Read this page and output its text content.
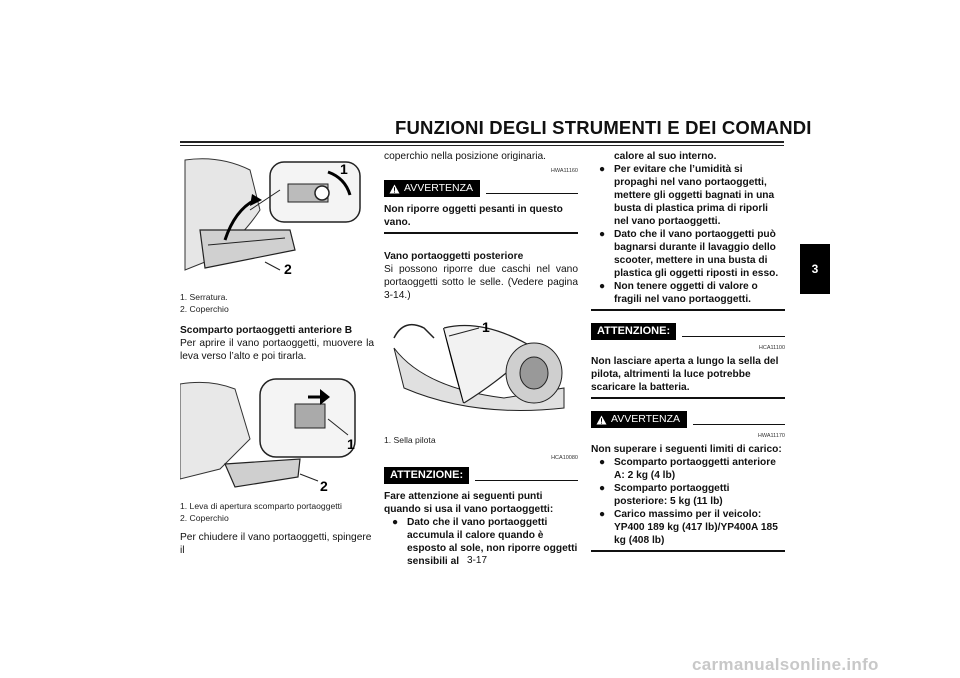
FUNZIONI DEGLI STRUMENTI E DEI COMANDI
3
1
2
1. Serratura.
2. Coperchio
Scomparto portaoggetti anteriore B
Per aprire il vano portaoggetti, muovere la leva verso l’alto e poi tirarla.
1
2
1. Leva di apertura scomparto portaoggetti
2. Coperchio
Per chiudere il vano portaoggetti, spingere il
coperchio nella posizione originaria.
HWA11160
AVVERTENZA
Non riporre oggetti pesanti in questo vano.
Vano portaoggetti posteriore
Si possono riporre due caschi nel vano portaoggetti sotto le selle. (Vedere pagina 3-14.)
1
1. Sella pilota
HCA10080
ATTENZIONE:
Fare attenzione ai seguenti punti quando si usa il vano portaoggetti:
● Dato che il vano portaoggetti accumula il calore quando è esposto al sole, non riporre oggetti sensibili al
calore al suo interno.
● Per evitare che l’umidità si propaghi nel vano portaoggetti, mettere gli oggetti bagnati in una busta di plastica prima di riporli nel vano portaoggetti.
● Dato che il vano portaoggetti può bagnarsi durante il lavaggio dello scooter, mettere in una busta di plastica gli oggetti riposti in esso.
● Non tenere oggetti di valore o fragili nel vano portaoggetti.
ATTENZIONE:
HCA11100
Non lasciare aperta a lungo la sella del pilota, altrimenti la luce potrebbe scaricare la batteria.
AVVERTENZA
HWA11170
Non superare i seguenti limiti di carico:
● Scomparto portaoggetti anteriore A: 2 kg (4 lb)
● Scomparto portaoggetti posteriore: 5 kg (11 lb)
● Carico massimo per il veicolo: YP400 189 kg (417 lb)/YP400A 185 kg (408 lb)
3-17
carmanualsonline.info
